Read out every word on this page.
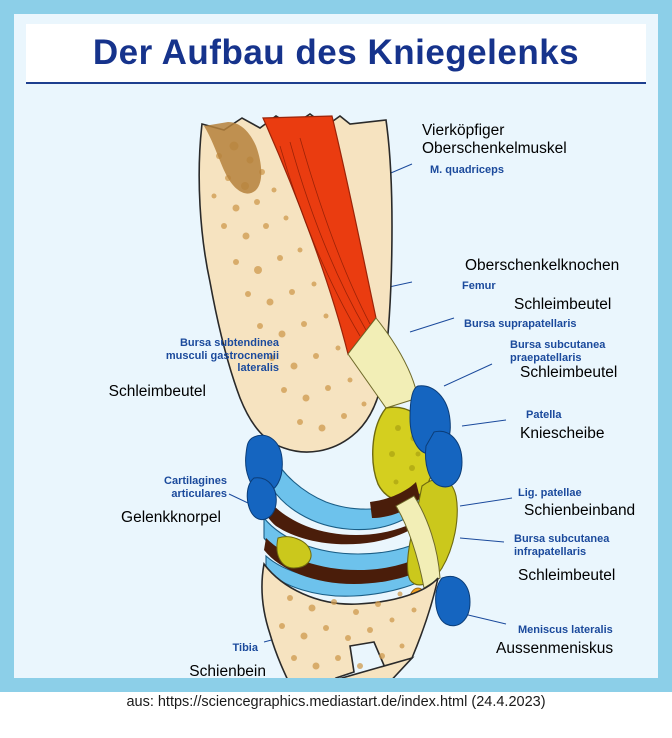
Der Aufbau des Kniegelenks
Vierköpfiger
Oberschenkelmuskel
M. quadriceps
Oberschenkelknochen
Femur
Schleimbeutel
Bursa suprapatellaris
Bursa subcutanea
praepatellaris
Schleimbeutel
Patella
Kniescheibe
Lig. patellae
Schienbeinband
Bursa subcutanea
infrapatellaris
Schleimbeutel
Meniscus lateralis
Aussenmeniskus
Bursa subtendinea
musculi gastrocnemii
lateralis
Schleimbeutel
Cartilagines
articulares
Gelenkknorpel
Tibia
Schienbein
aus: https://sciencegraphics.mediastart.de/index.html (24.4.2023)
